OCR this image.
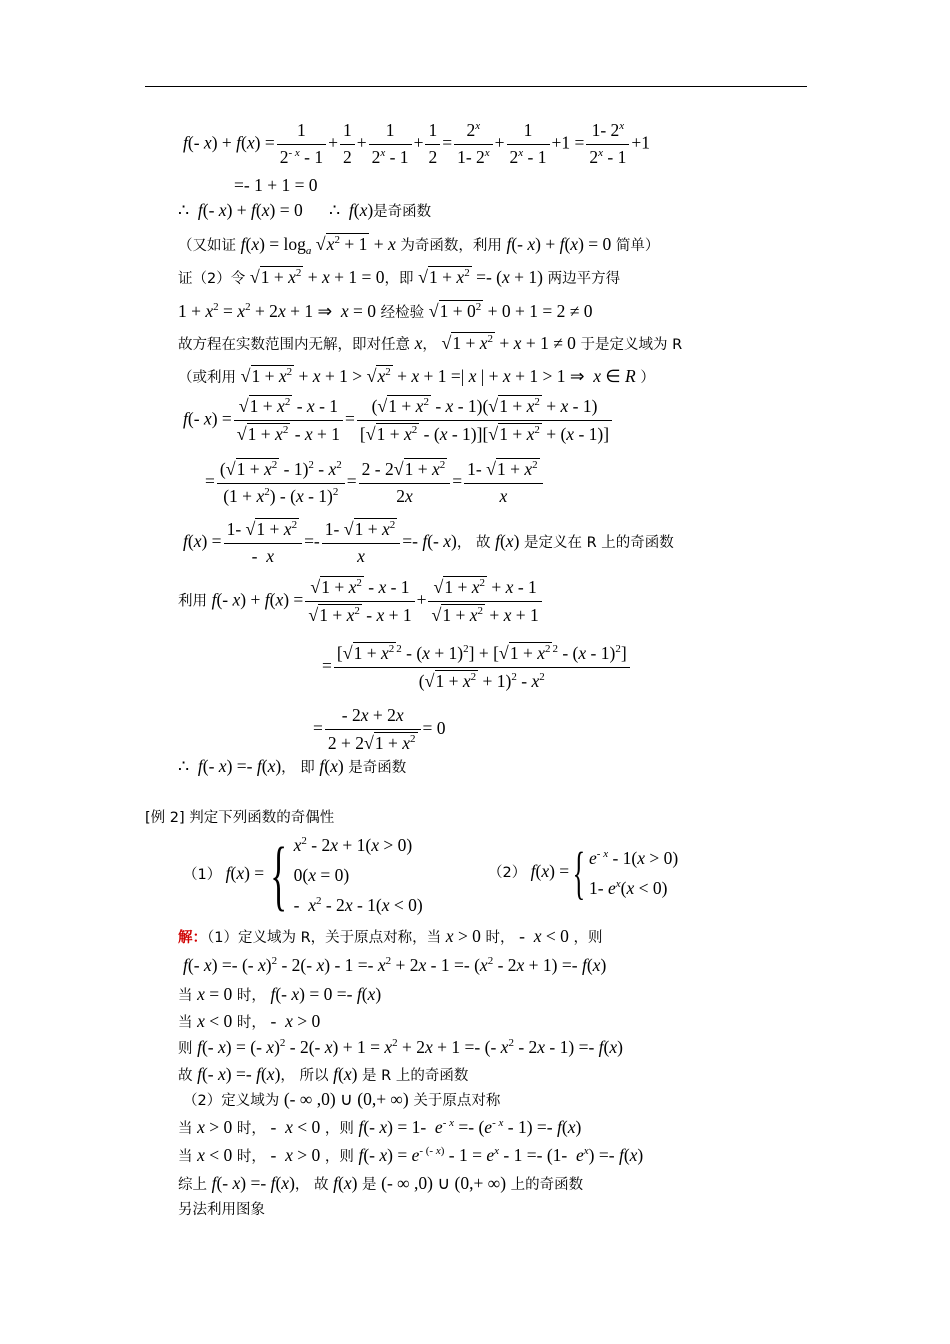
f(- $x) + f(x) = \frac{1}{2^{- x} - 1} + \frac{1}{2} + \frac{1}{2^x - 1} + \frac{1}{2} = \frac{2^x}{1- 2^x} + \frac{1}{2^x - 1} +1 = \frac{1- 2^x}{2^x - 1} +1$
=- 1 + 1 = 0
∴  f(- x) + f(x) = 0      ∴  f(x)是奇函数
（又如证 $f(x) = \log_a √x^2 + 1 + x$ 为奇函数，利用 f(- x) + f(x) = 0 简单）
证（2）令 $√1 + x^2 + x + 1 = 0$，即 $√1 + x^2 =- (x + 1)$ 两边平方得
$1 + x^2 = x^2 + 2x + 1$ ⇒  x = 0 经检验 $√1 + 0^2 + 0 + 1 = 2 \ne 0$
故方程在实数范围内无解，即对任意 x， $√1 + x^2 + x + 1 \ne 0$ 于是定义域为 R
（或利用 $√1 + x^2 + x + 1 > √x^2 + x + 1$ =| x | + x + 1 > 1 ⇒  x ∈ R ）
f(- $x) = \frac{√1 + x^2 - x - 1}{√1 + x^2 - x + 1} = \frac{(√1 + x^2 - x - 1)(√1 + x^2 + x - 1)}{[√1 + x^2 - (x - 1)][√1 + x^2 + (x - 1)]}$
= $\frac{(√1 + x^2 - 1)^2 - x^2}{(1 + x^2) - (x - 1)^2} = \frac{2 - 2√1 + x^2}{2x} = \frac{1- √1 + x^2}{x}$
$f(x) = \frac{1- √1 + x^2}{- x} =- \frac{1- √1 + x^2}{x} =- f(-$ x)， 故 f(x) 是定义在 R 上的奇函数
利用 f(- $x) + f(x) = \frac{√1 + x^2 - x - 1}{√1 + x^2 - x + 1} + \frac{√1 + x^2 + x - 1}{√1 + x^2 + x + 1}$
= $\frac{[√1 + x^2 ^2 - (x + 1)^2] + [√1 + x^2 ^2 - (x - 1)^2]}{(√1 + x^2 + 1)^2 - x^2}$
= $\frac{- 2x + 2x}{2 + 2√1 + x^2} = 0$
∴  f(- x) =- f(x)， 即 f(x) 是奇函数
[例 2] 判定下列函数的奇偶性
（1） f(x) ={ $x^2 - 2x + 1(x > 0)$
0(x = 0)
-  $x^2 - 2x - 1(x < 0)$
（2） f(x) ={ $e^{- x} - 1(x > 0)$
1- $e^x(x < 0)$
解：（1）定义域为 R，关于原点对称，当 x > 0 时， -  x < 0 ，则
f(- x) =- (- x)$^2$ - 2(- $x) - 1 =- x^2 + 2x - 1 =- (x^2 - 2x + 1) =- f(x)$
当 x = 0 时， f(- x) = 0 =- f(x)
当 x < 0 时， -  x > 0
则 f(- x) = (- x)$^2$ - 2(- $x) + 1 = x^2 + 2x + 1$ =- (- $x^2 - 2x - 1) =- f(x)$
故 f(- x) =- f(x)， 所以 f(x) 是 R 上的奇函数
（2）定义域为 (- ∞ ,0) ∪ (0,+ ∞) 关于原点对称
当 x > 0 时， -  x < 0 ，则 f(- x) = 1-  $e^{- x} =- (e^{- x} - 1) =- f(x)$
当 x < 0 时， -  x > 0 ，则 f(- $x) = e^{- (- x)} - 1 = e^x - 1 =- (1-$  $e^x) =- f(x)$
综上 f(- x) =- f(x)， 故 f(x) 是 (- ∞ ,0) ∪ (0,+ ∞) 上的奇函数
另法利用图象
